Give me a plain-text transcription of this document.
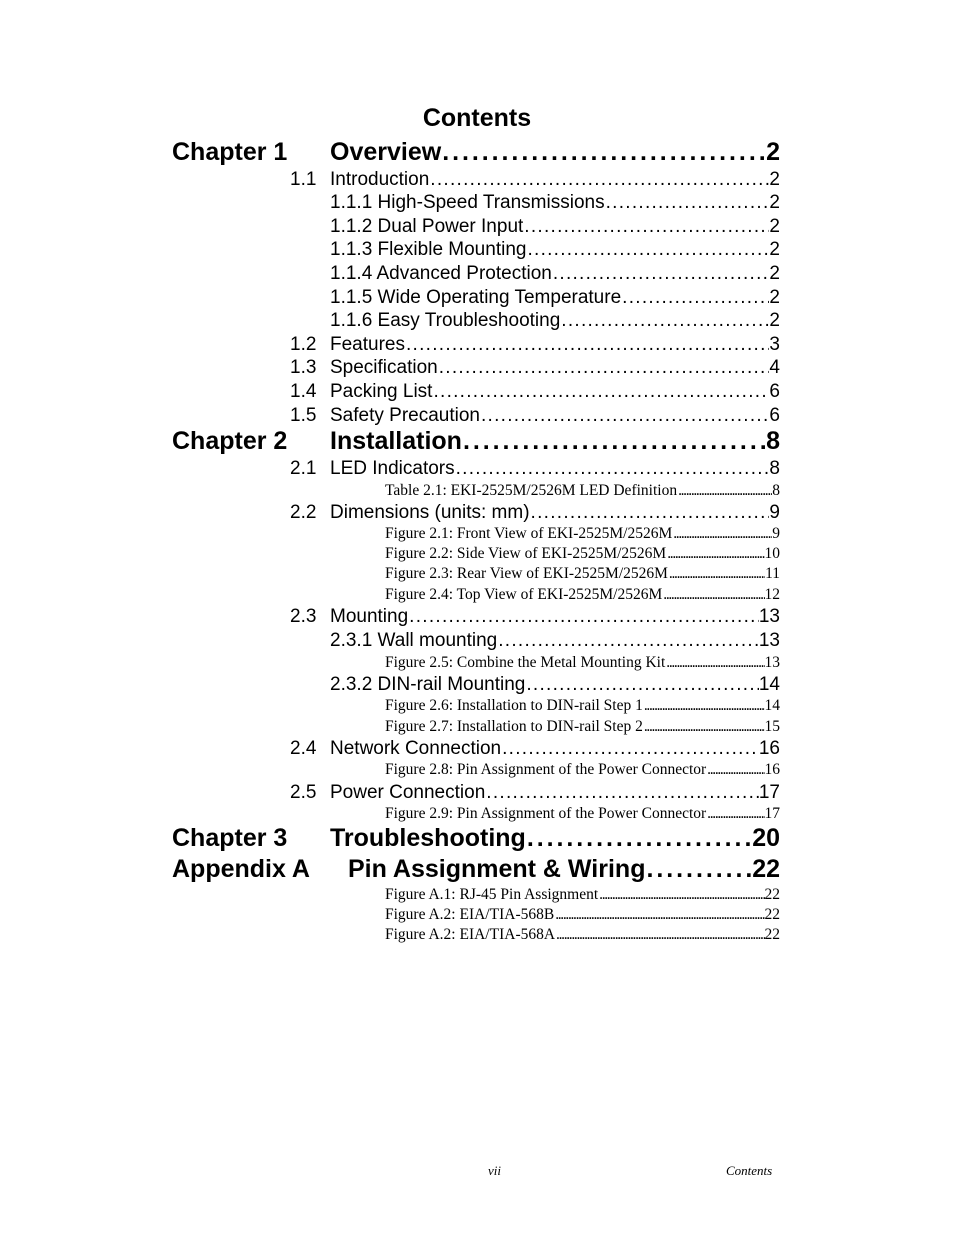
Contents
Chapter 1 Overview . . .	2
1.1 Introduction . . .	2
1.1.1 High-Speed Transmissions . . .	2
1.1.2 Dual Power Input . . .	2
1.1.3 Flexible Mounting . . .	2
1.1.4 Advanced Protection . . .	2
1.1.5 Wide Operating Temperature . . .	2
1.1.6 Easy Troubleshooting . . .	2
1.2 Features . . .	3
1.3 Specification . . .	4
1.4 Packing List . . .	6
1.5 Safety Precaution . . .	6
Chapter 2 Installation . . .	8
2.1 LED Indicators . . .	8
Table 2.1: EKI-2525M/2526M LED Definition . . .	8
2.2 Dimensions (units: mm) . . .	9
Figure 2.1: Front View of EKI-2525M/2526M . . .	9
Figure 2.2: Side View of EKI-2525M/2526M . . .	10
Figure 2.3: Rear View of EKI-2525M/2526M . . .	11
Figure 2.4: Top View of EKI-2525M/2526M . . .	12
2.3 Mounting . . .	13
2.3.1 Wall mounting . . .	13
Figure 2.5: Combine the Metal Mounting Kit . . .	13
2.3.2 DIN-rail Mounting . . .	14
Figure 2.6: Installation to DIN-rail Step 1 . . .	14
Figure 2.7: Installation to DIN-rail Step 2 . . .	15
2.4 Network Connection . . .	16
Figure 2.8: Pin Assignment of the Power Connector . . .	16
2.5 Power Connection . . .	17
Figure 2.9: Pin Assignment of the Power Connector . . .	17
Chapter 3 Troubleshooting . . .	20
Appendix A Pin Assignment & Wiring . . .	22
Figure A.1: RJ-45 Pin Assignment . . .	22
Figure A.2: EIA/TIA-568B . . .	22
Figure A.2: EIA/TIA-568A . . .	22
vii	Contents
